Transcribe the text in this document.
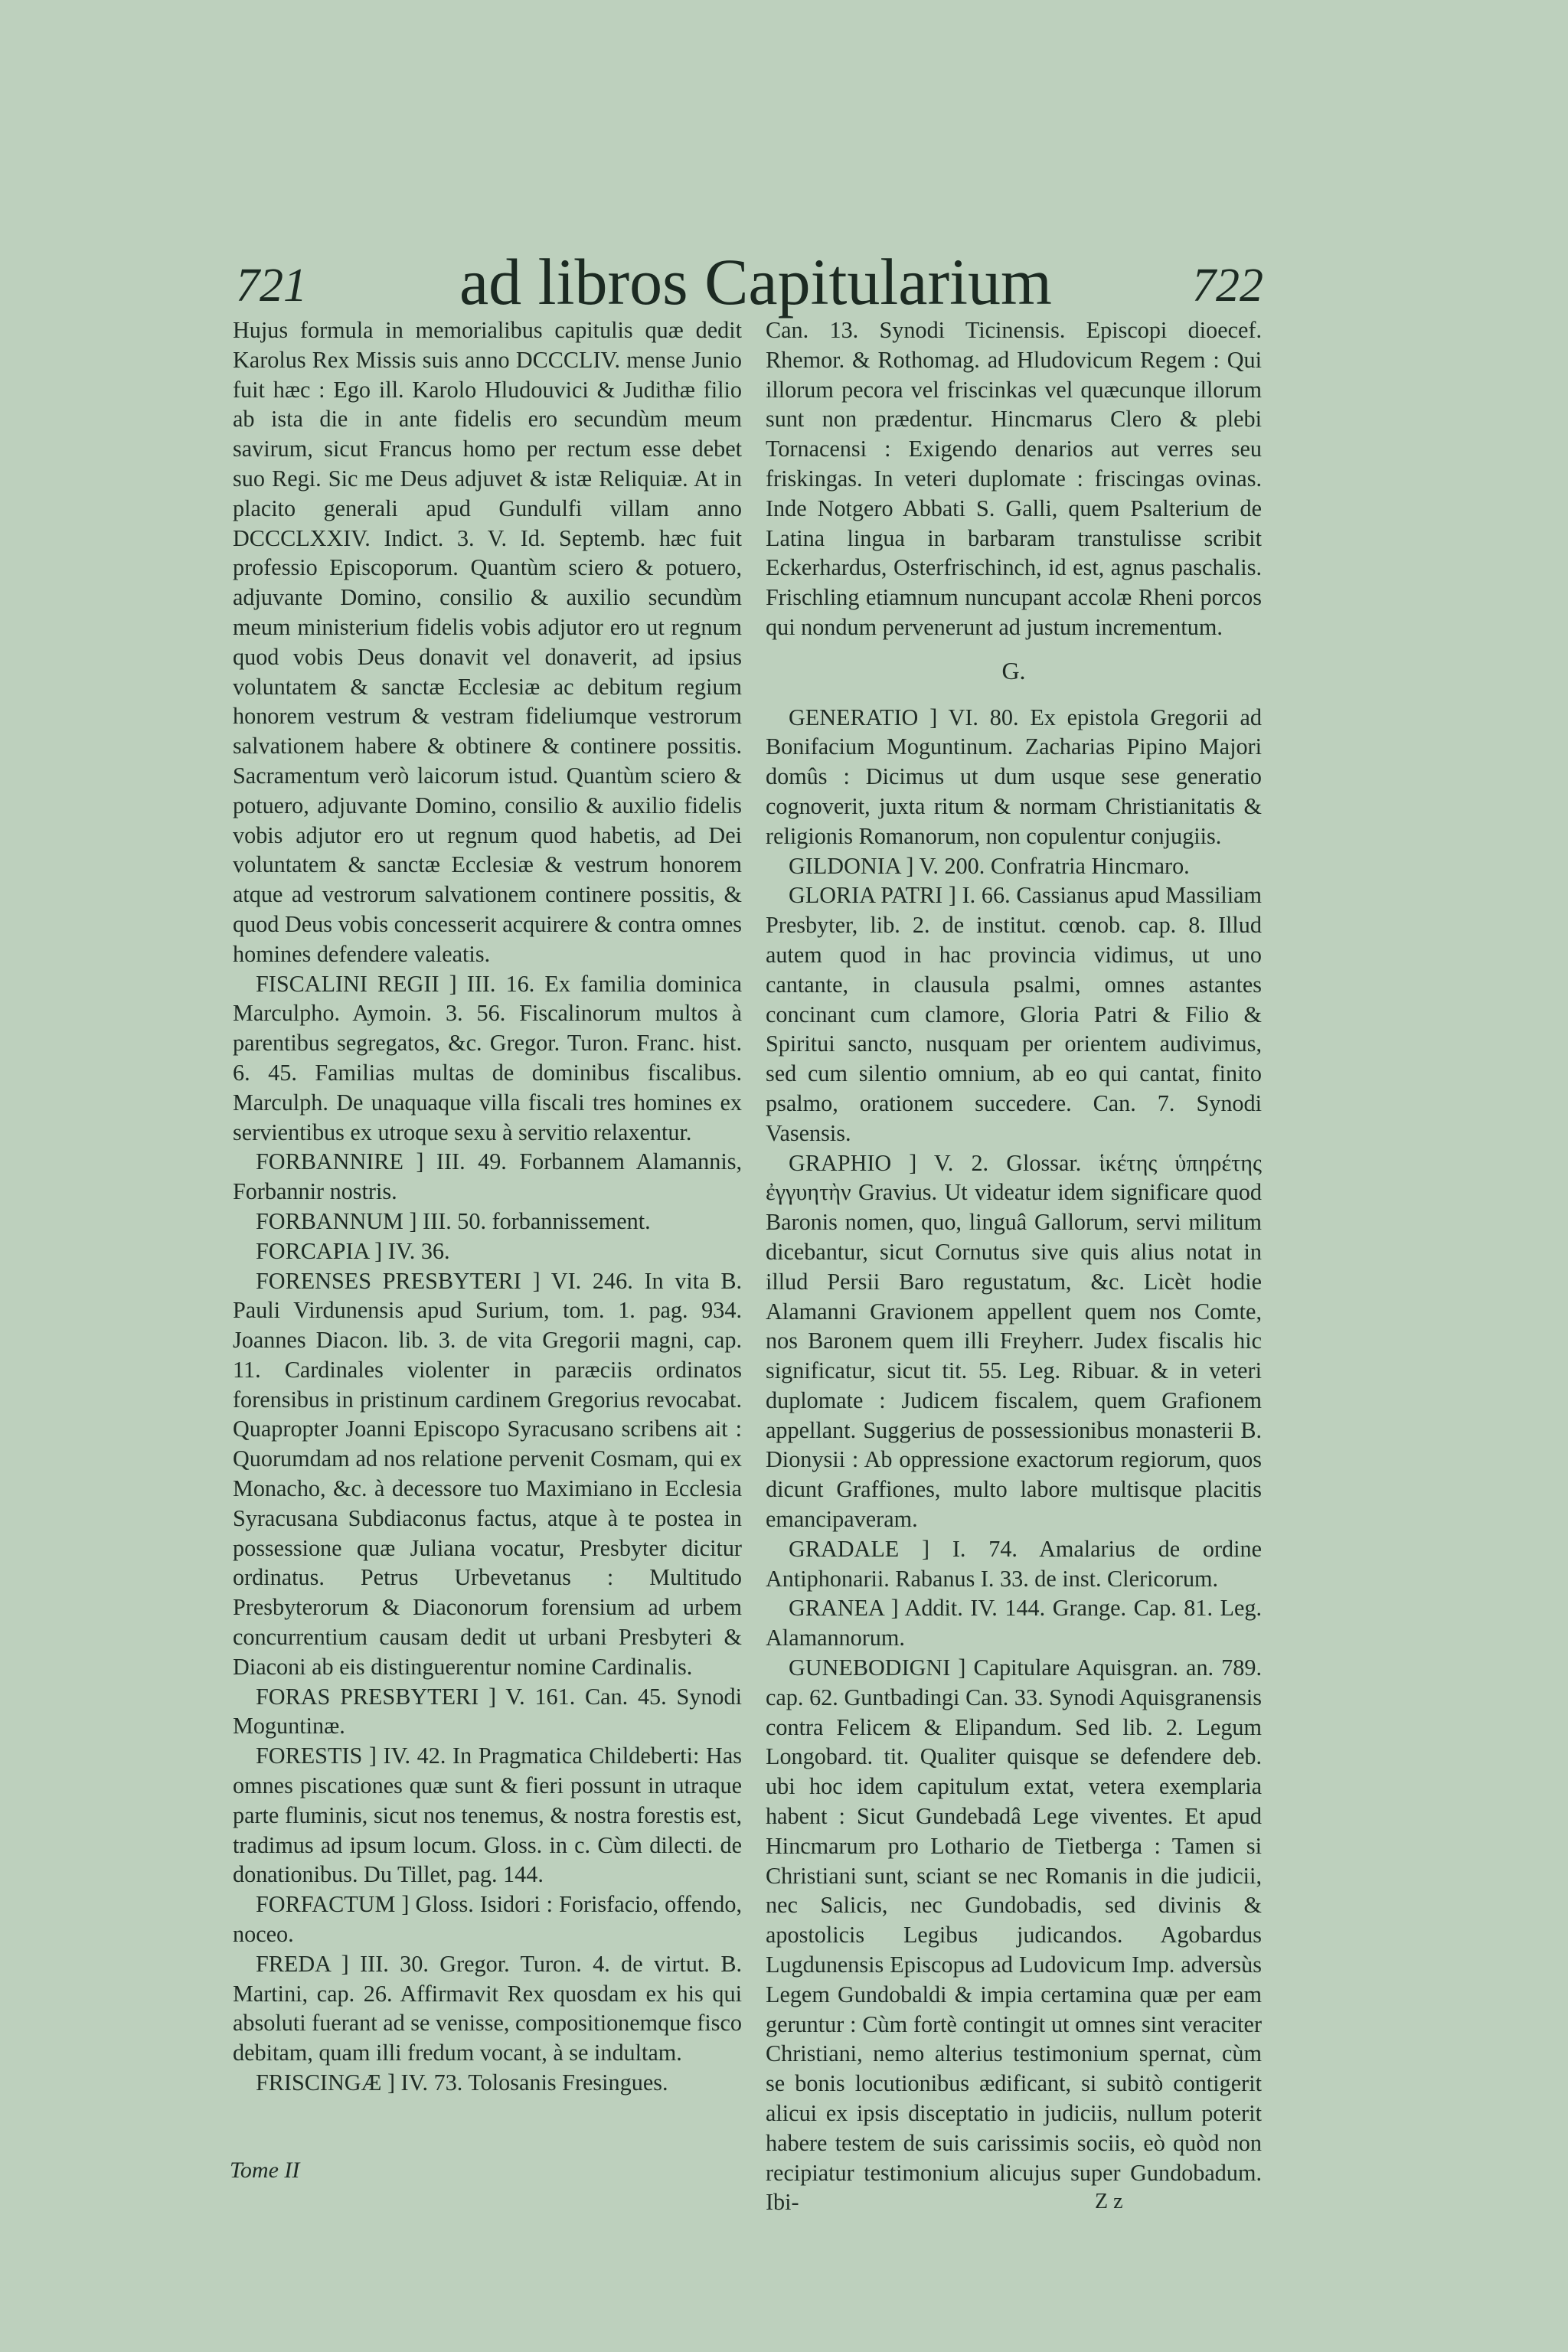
721 ad libros Capitularium	722

Hujus formula in memorialibus capitulis quæ dedit Karolus Rex Missis suis anno DCCCLIV. mense Junio fuit hæc : Ego ill. Karolo Hludouvici & Judithæ filio ab ista die in ante fidelis ero secundùm meum savirum, sicut Francus homo per rectum esse debet suo Regi. Sic me Deus adjuvet & istæ Reliquiæ. At in placito generali apud Gundulfi villam anno DCCCLXXIV. Indict. 3. V. Id. Septemb. hæc fuit professio Episcoporum. Quantùm sciero & potuero, adjuvante Domino, consilio & auxilio secundùm meum ministerium fidelis vobis adjutor ero ut regnum quod vobis Deus donavit vel donaverit, ad ipsius voluntatem & sanctæ Ecclesiæ ac debitum regium honorem vestrum & vestram fideliumque vestrorum salvationem habere & obtinere & continere possitis. Sacramentum verò laicorum istud. Quantùm sciero & potuero, adjuvante Domino, consilio & auxilio fidelis vobis adjutor ero ut regnum quod habetis, ad Dei voluntatem & sanctæ Ecclesiæ & vestrum honorem atque ad vestrorum salvationem continere possitis, & quod Deus vobis concesserit acquirere & contra omnes homines defendere valeatis.

FISCALINI REGII ] III. 16. Ex familia dominica Marculpho. Aymoin. 3. 56. Fiscalinorum multos à parentibus segregatos, &c. Gregor. Turon. Franc. hist. 6. 45. Familias multas de dominibus fiscalibus. Marculph. De unaquaque villa fiscali tres homines ex servientibus ex utroque sexu à servitio relaxentur.

FORBANNIRE ] III. 49. Forbannem Alamannis, Forbannir nostris.

FORBANNUM ] III. 50. forbannissement.

FORCAPIA ] IV. 36.

FORENSES PRESBYTERI ] VI. 246. In vita B. Pauli Virdunensis apud Surium, tom. 1. pag. 934. Joannes Diacon. lib. 3. de vita Gregorii magni, cap. 11. Cardinales violenter in paræciis ordinatos forensibus in pristinum cardinem Gregorius revocabat. Quapropter Joanni Episcopo Syracusano scribens ait : Quorumdam ad nos relatione pervenit Cosmam, qui ex Monacho, &c. à decessore tuo Maximiano in Ecclesia Syracusana Subdiaconus factus, atque à te postea in possessione quæ Juliana vocatur, Presbyter dicitur ordinatus. Petrus Urbevetanus : Multitudo Presbyterorum & Diaconorum forensium ad urbem concurrentium causam dedit ut urbani Presbyteri & Diaconi ab eis distinguerentur nomine Cardinalis.

FORAS PRESBYTERI ] V. 161. Can. 45. Synodi Moguntinæ.

FORESTIS ] IV. 42. In Pragmatica Childeberti: Has omnes piscationes quæ sunt & fieri possunt in utraque parte fluminis, sicut nos tenemus, & nostra forestis est, tradimus ad ipsum locum. Gloss. in c. Cùm dilecti. de donationibus. Du Tillet, pag. 144.

FORFACTUM ] Gloss. Isidori : Forisfacio, offendo, noceo.

FREDA ] III. 30. Gregor. Turon. 4. de virtut. B. Martini, cap. 26. Affirmavit Rex quosdam ex his qui absoluti fuerant ad se venisse, compositionemque fisco debitam, quam illi fredum vocant, à se indultam.

FRISCINGÆ ] IV. 73. Tolosanis Fresingues.

Can. 13. Synodi Ticinensis. Episcopi dioecef. Rhemor. & Rothomag. ad Hludovicum Regem : Qui illorum pecora vel friscinkas vel quæcunque illorum sunt non prædentur. Hincmarus Clero & plebi Tornacensi : Exigendo denarios aut verres seu friskingas. In veteri duplomate : friscingas ovinas. Inde Notgero Abbati S. Galli, quem Psalterium de Latina lingua in barbaram transtulisse scribit Eckerhardus, Osterfrischinch, id est, agnus paschalis. Frischling etiamnum nuncupant accolæ Rheni porcos qui nondum pervenerunt ad justum incrementum.

G.

GENERATIO ] VI. 80. Ex epistola Gregorii ad Bonifacium Moguntinum. Zacharias Pipino Majori domûs : Dicimus ut dum usque sese generatio cognoverit, juxta ritum & normam Christianitatis & religionis Romanorum, non copulentur conjugiis.

GILDONIA ] V. 200. Confratria Hincmaro.

GLORIA PATRI ] I. 66. Cassianus apud Massiliam Presbyter, lib. 2. de institut. cœnob. cap. 8. Illud autem quod in hac provincia vidimus, ut uno cantante, in clausula psalmi, omnes astantes concinant cum clamore, Gloria Patri & Filio & Spiritui sancto, nusquam per orientem audivimus, sed cum silentio omnium, ab eo qui cantat, finito psalmo, orationem succedere. Can. 7. Synodi Vasensis.

GRAPHIO ] V. 2. Glossar. ἱκέτης ὑπηρέτης ἐγγυητὴν Gravius. Ut videatur idem significare quod Baronis nomen, quo, linguâ Gallorum, servi militum dicebantur, sicut Cornutus sive quis alius notat in illud Persii Baro regustatum, &c. Licèt hodie Alamanni Gravionem appellent quem nos Comte, nos Baronem quem illi Freyherr. Judex fiscalis hic significatur, sicut tit. 55. Leg. Ribuar. & in veteri duplomate : Judicem fiscalem, quem Grafionem appellant. Suggerius de possessionibus monasterii B. Dionysii : Ab oppressione exactorum regiorum, quos dicunt Graffiones, multo labore multisque placitis emancipaveram.

GRADALE ] I. 74. Amalarius de ordine Antiphonarii. Rabanus I. 33. de inst. Clericorum.

GRANEA ] Addit. IV. 144. Grange. Cap. 81. Leg. Alamannorum.

GUNEBODIGNI ] Capitulare Aquisgran. an. 789. cap. 62. Guntbadingi Can. 33. Synodi Aquisgranensis contra Felicem & Elipandum. Sed lib. 2. Legum Longobard. tit. Qualiter quisque se defendere deb. ubi hoc idem capitulum extat, vetera exemplaria habent : Sicut Gundebadâ Lege viventes. Et apud Hincmarum pro Lothario de Tietberga : Tamen si Christiani sunt, sciant se nec Romanis in die judicii, nec Salicis, nec Gundobadis, sed divinis & apostolicis Legibus judicandos. Agobardus Lugdunensis Episcopus ad Ludovicum Imp. adversùs Legem Gundobaldi & impia certamina quæ per eam geruntur : Cùm fortè contingit ut omnes sint veraciter Christiani, nemo alterius testimonium spernat, cùm se bonis locutionibus ædificant, si subitò contigerit alicui ex ipsis disceptatio in judiciis, nullum poterit habere testem de suis carissimis sociis, eò quòd non recipiatur testimonium alicujus super Gundobadum. Ibi-

Tome II
Z z
